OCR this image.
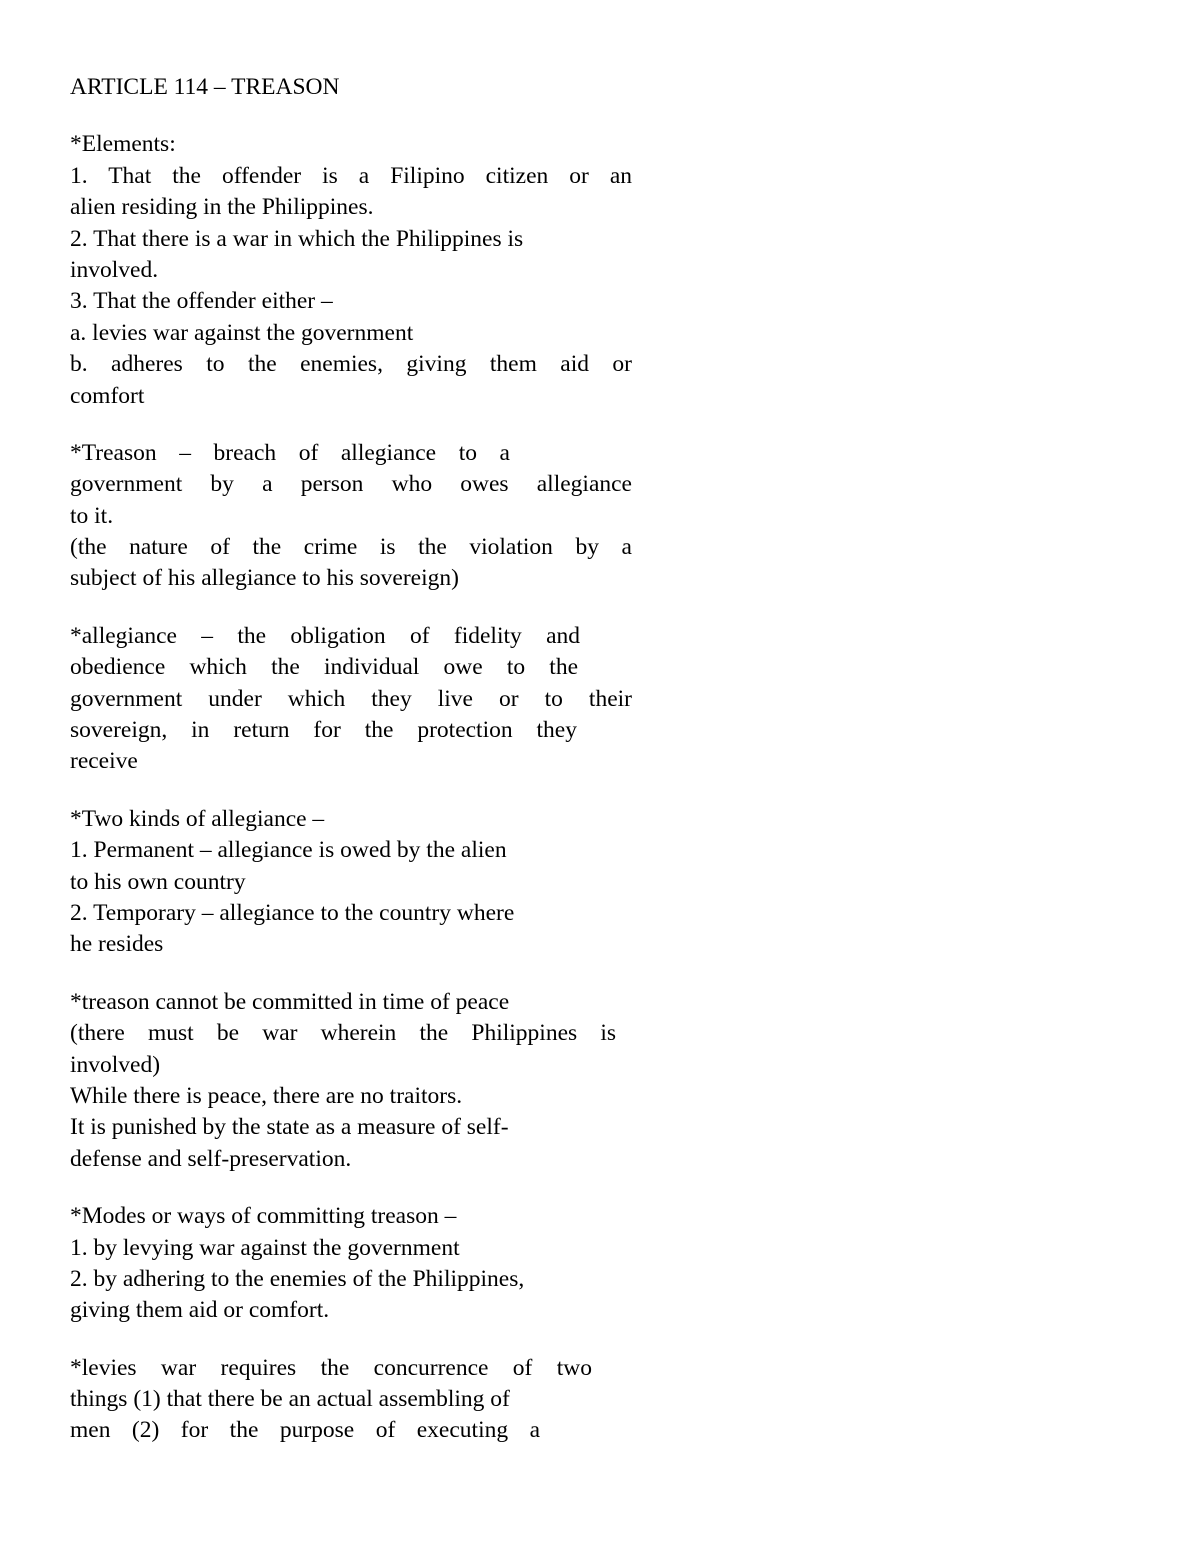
ARTICLE 114 – TREASON
*Elements:
1. That the offender is a Filipino citizen or an
alien residing in the Philippines.
2. That there is a war in which the Philippines is
involved.
3. That the offender either –
a. levies war against the government
b. adheres to the enemies, giving them aid or
comfort
*Treason – breach of allegiance to a
government by a person who owes allegiance
to it.
(the nature of the crime is the violation by a
subject of his allegiance to his sovereign)
*allegiance – the obligation of fidelity and
obedience which the individual owe to the
government under which they live or to their
sovereign, in return for the protection they
receive
*Two kinds of allegiance –
1. Permanent – allegiance is owed by the alien
to his own country
2. Temporary – allegiance to the country where
he resides
*treason cannot be committed in time of peace
(there must be war wherein the Philippines is
involved)
While there is peace, there are no traitors.
It is punished by the state as a measure of self-
defense and self-preservation.
*Modes or ways of committing treason –
1. by levying war against the government
2. by adhering to the enemies of the Philippines,
giving them aid or comfort.
*levies war requires the concurrence of two
things (1) that there be an actual assembling of
men (2) for the purpose of executing a
